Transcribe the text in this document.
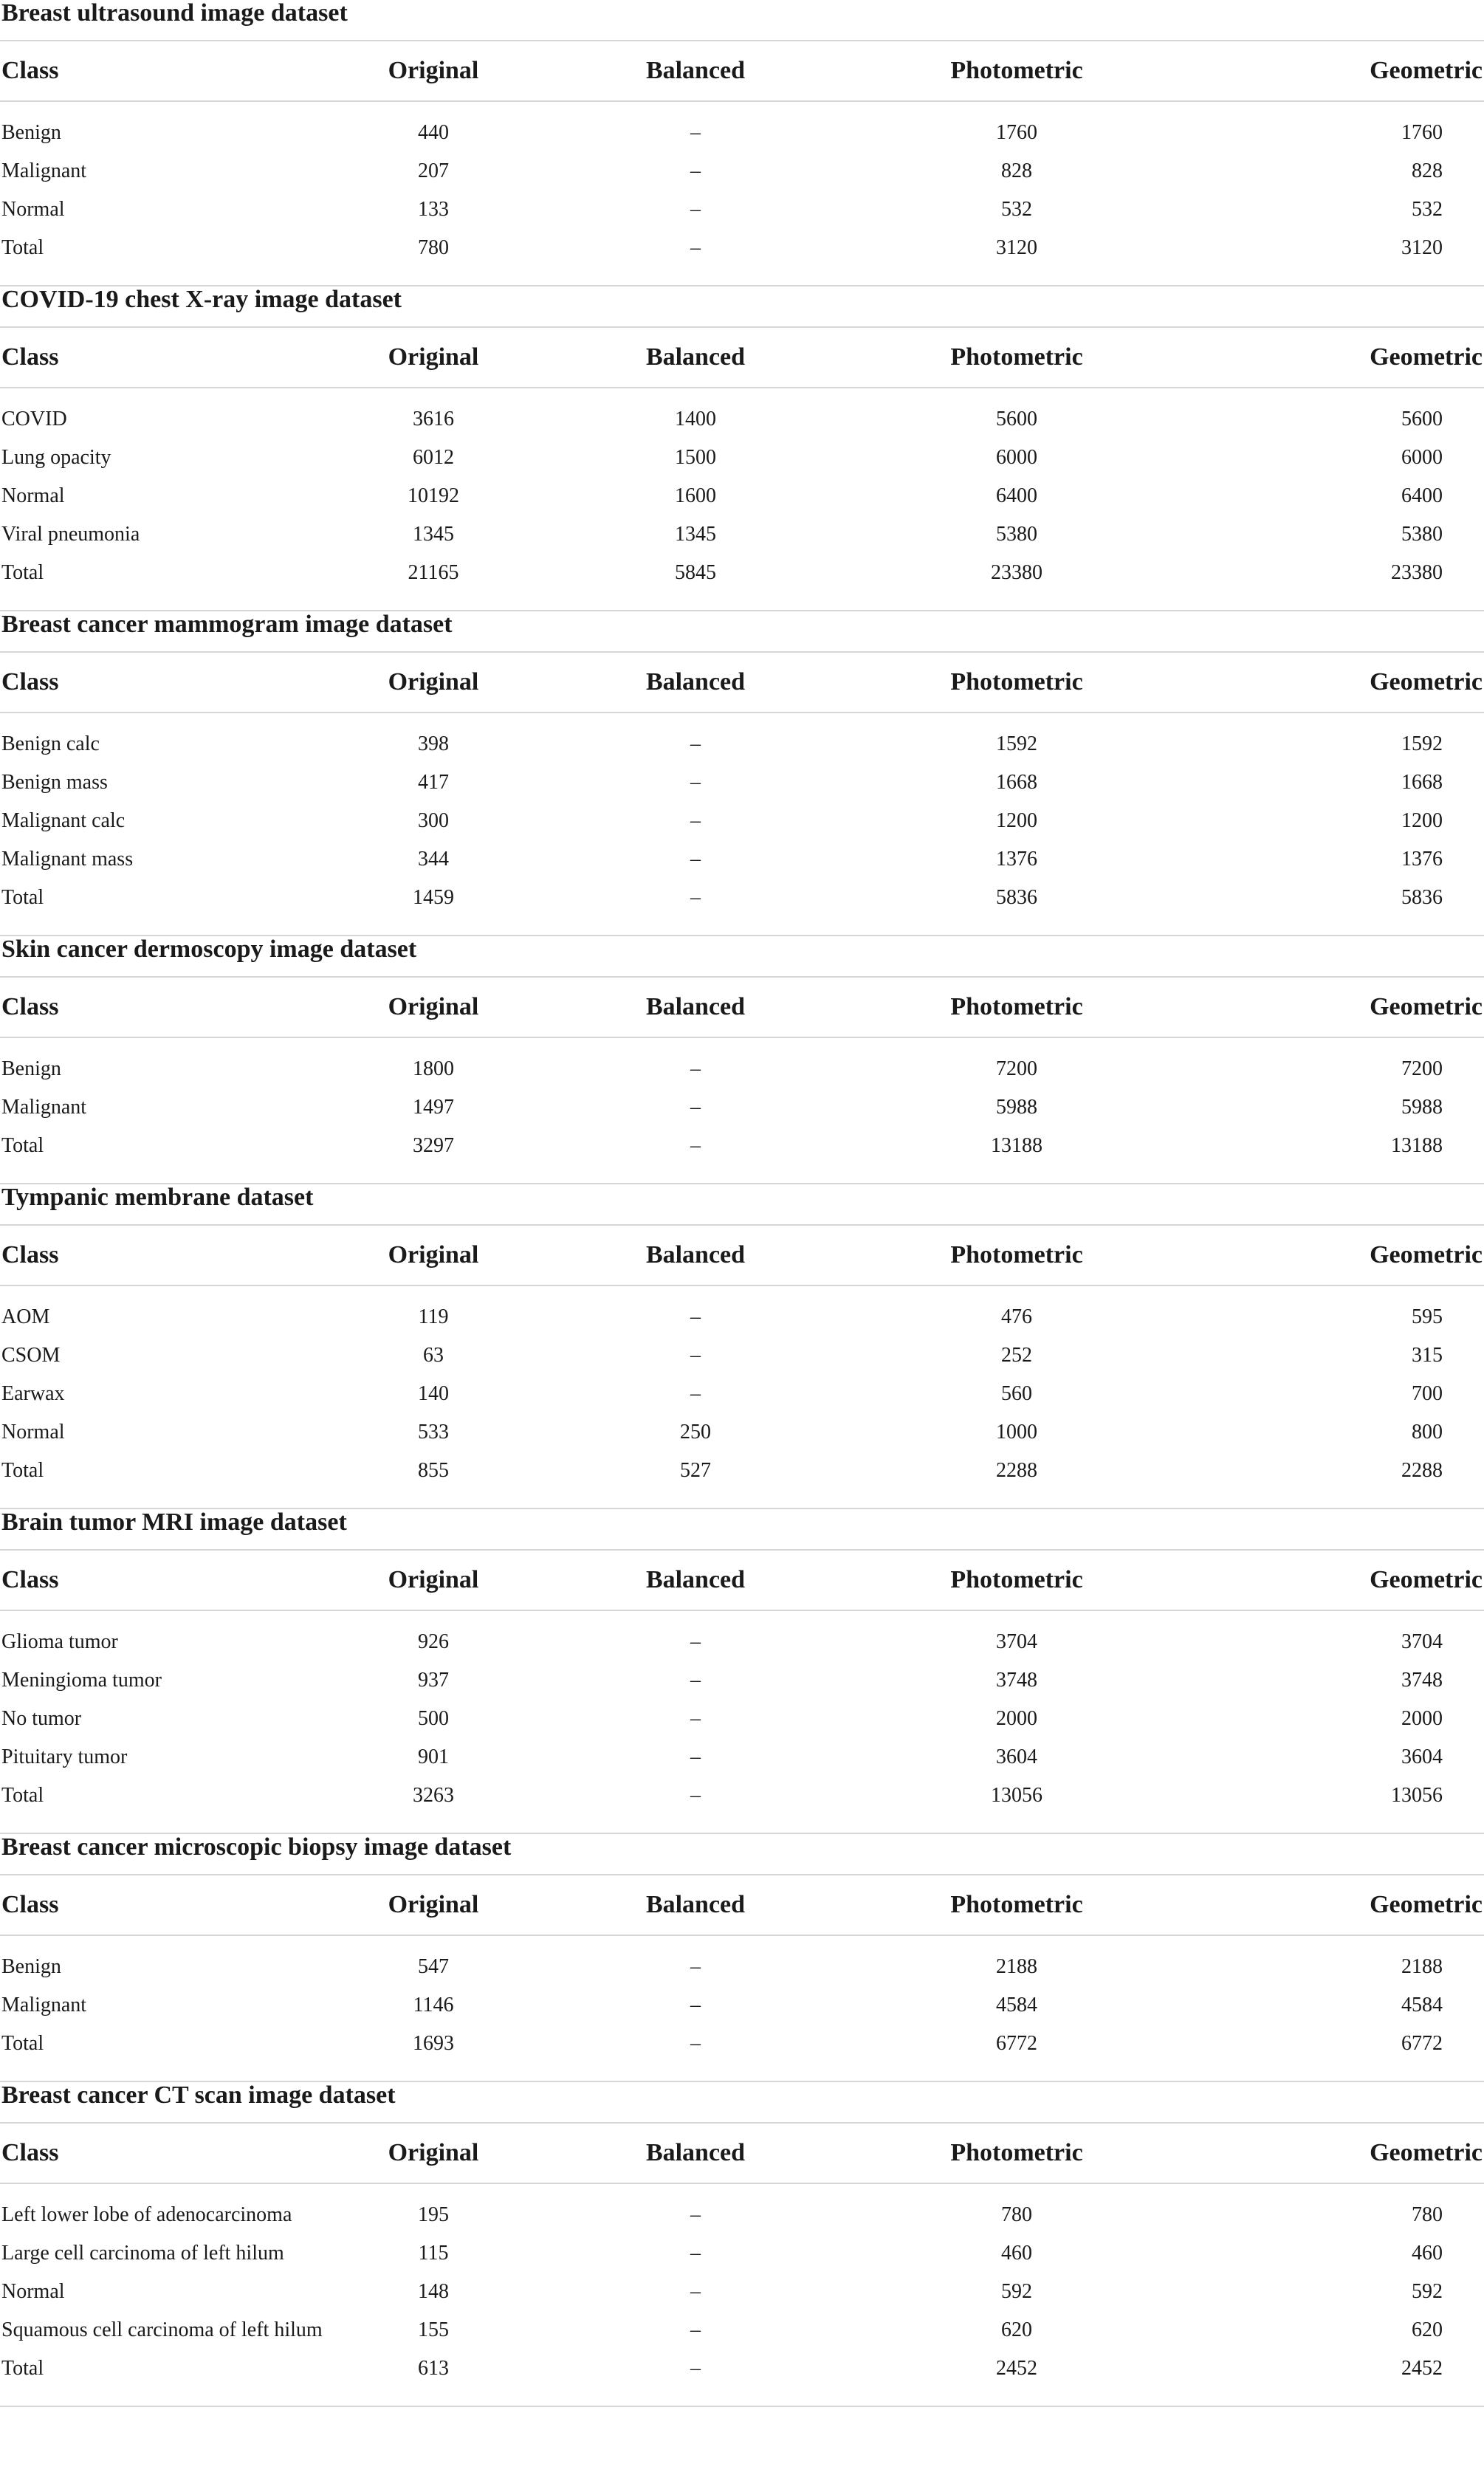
Breast ultrasound image dataset
Class	Original	Balanced	Photometric	Geometric
Benign	440	–	1760	1760
Malignant	207	–	828	828
Normal	133	–	532	532
Total	780	–	3120	3120
COVID-19 chest X-ray image dataset
Class	Original	Balanced	Photometric	Geometric
COVID	3616	1400	5600	5600
Lung opacity	6012	1500	6000	6000
Normal	10192	1600	6400	6400
Viral pneumonia	1345	1345	5380	5380
Total	21165	5845	23380	23380
Breast cancer mammogram image dataset
Class	Original	Balanced	Photometric	Geometric
Benign calc	398	–	1592	1592
Benign mass	417	–	1668	1668
Malignant calc	300	–	1200	1200
Malignant mass	344	–	1376	1376
Total	1459	–	5836	5836
Skin cancer dermoscopy image dataset
Class	Original	Balanced	Photometric	Geometric
Benign	1800	–	7200	7200
Malignant	1497	–	5988	5988
Total	3297	–	13188	13188
Tympanic membrane dataset
Class	Original	Balanced	Photometric	Geometric
AOM	119	–	476	595
CSOM	63	–	252	315
Earwax	140	–	560	700
Normal	533	250	1000	800
Total	855	527	2288	2288
Brain tumor MRI image dataset
Class	Original	Balanced	Photometric	Geometric
Glioma tumor	926	–	3704	3704
Meningioma tumor	937	–	3748	3748
No tumor	500	–	2000	2000
Pituitary tumor	901	–	3604	3604
Total	3263	–	13056	13056
Breast cancer microscopic biopsy image dataset
Class	Original	Balanced	Photometric	Geometric
Benign	547	–	2188	2188
Malignant	1146	–	4584	4584
Total	1693	–	6772	6772
Breast cancer CT scan image dataset
Class	Original	Balanced	Photometric	Geometric
Left lower lobe of adenocarcinoma	195	–	780	780
Large cell carcinoma of left hilum	115	–	460	460
Normal	148	–	592	592
Squamous cell carcinoma of left hilum	155	–	620	620
Total	613	–	2452	2452
